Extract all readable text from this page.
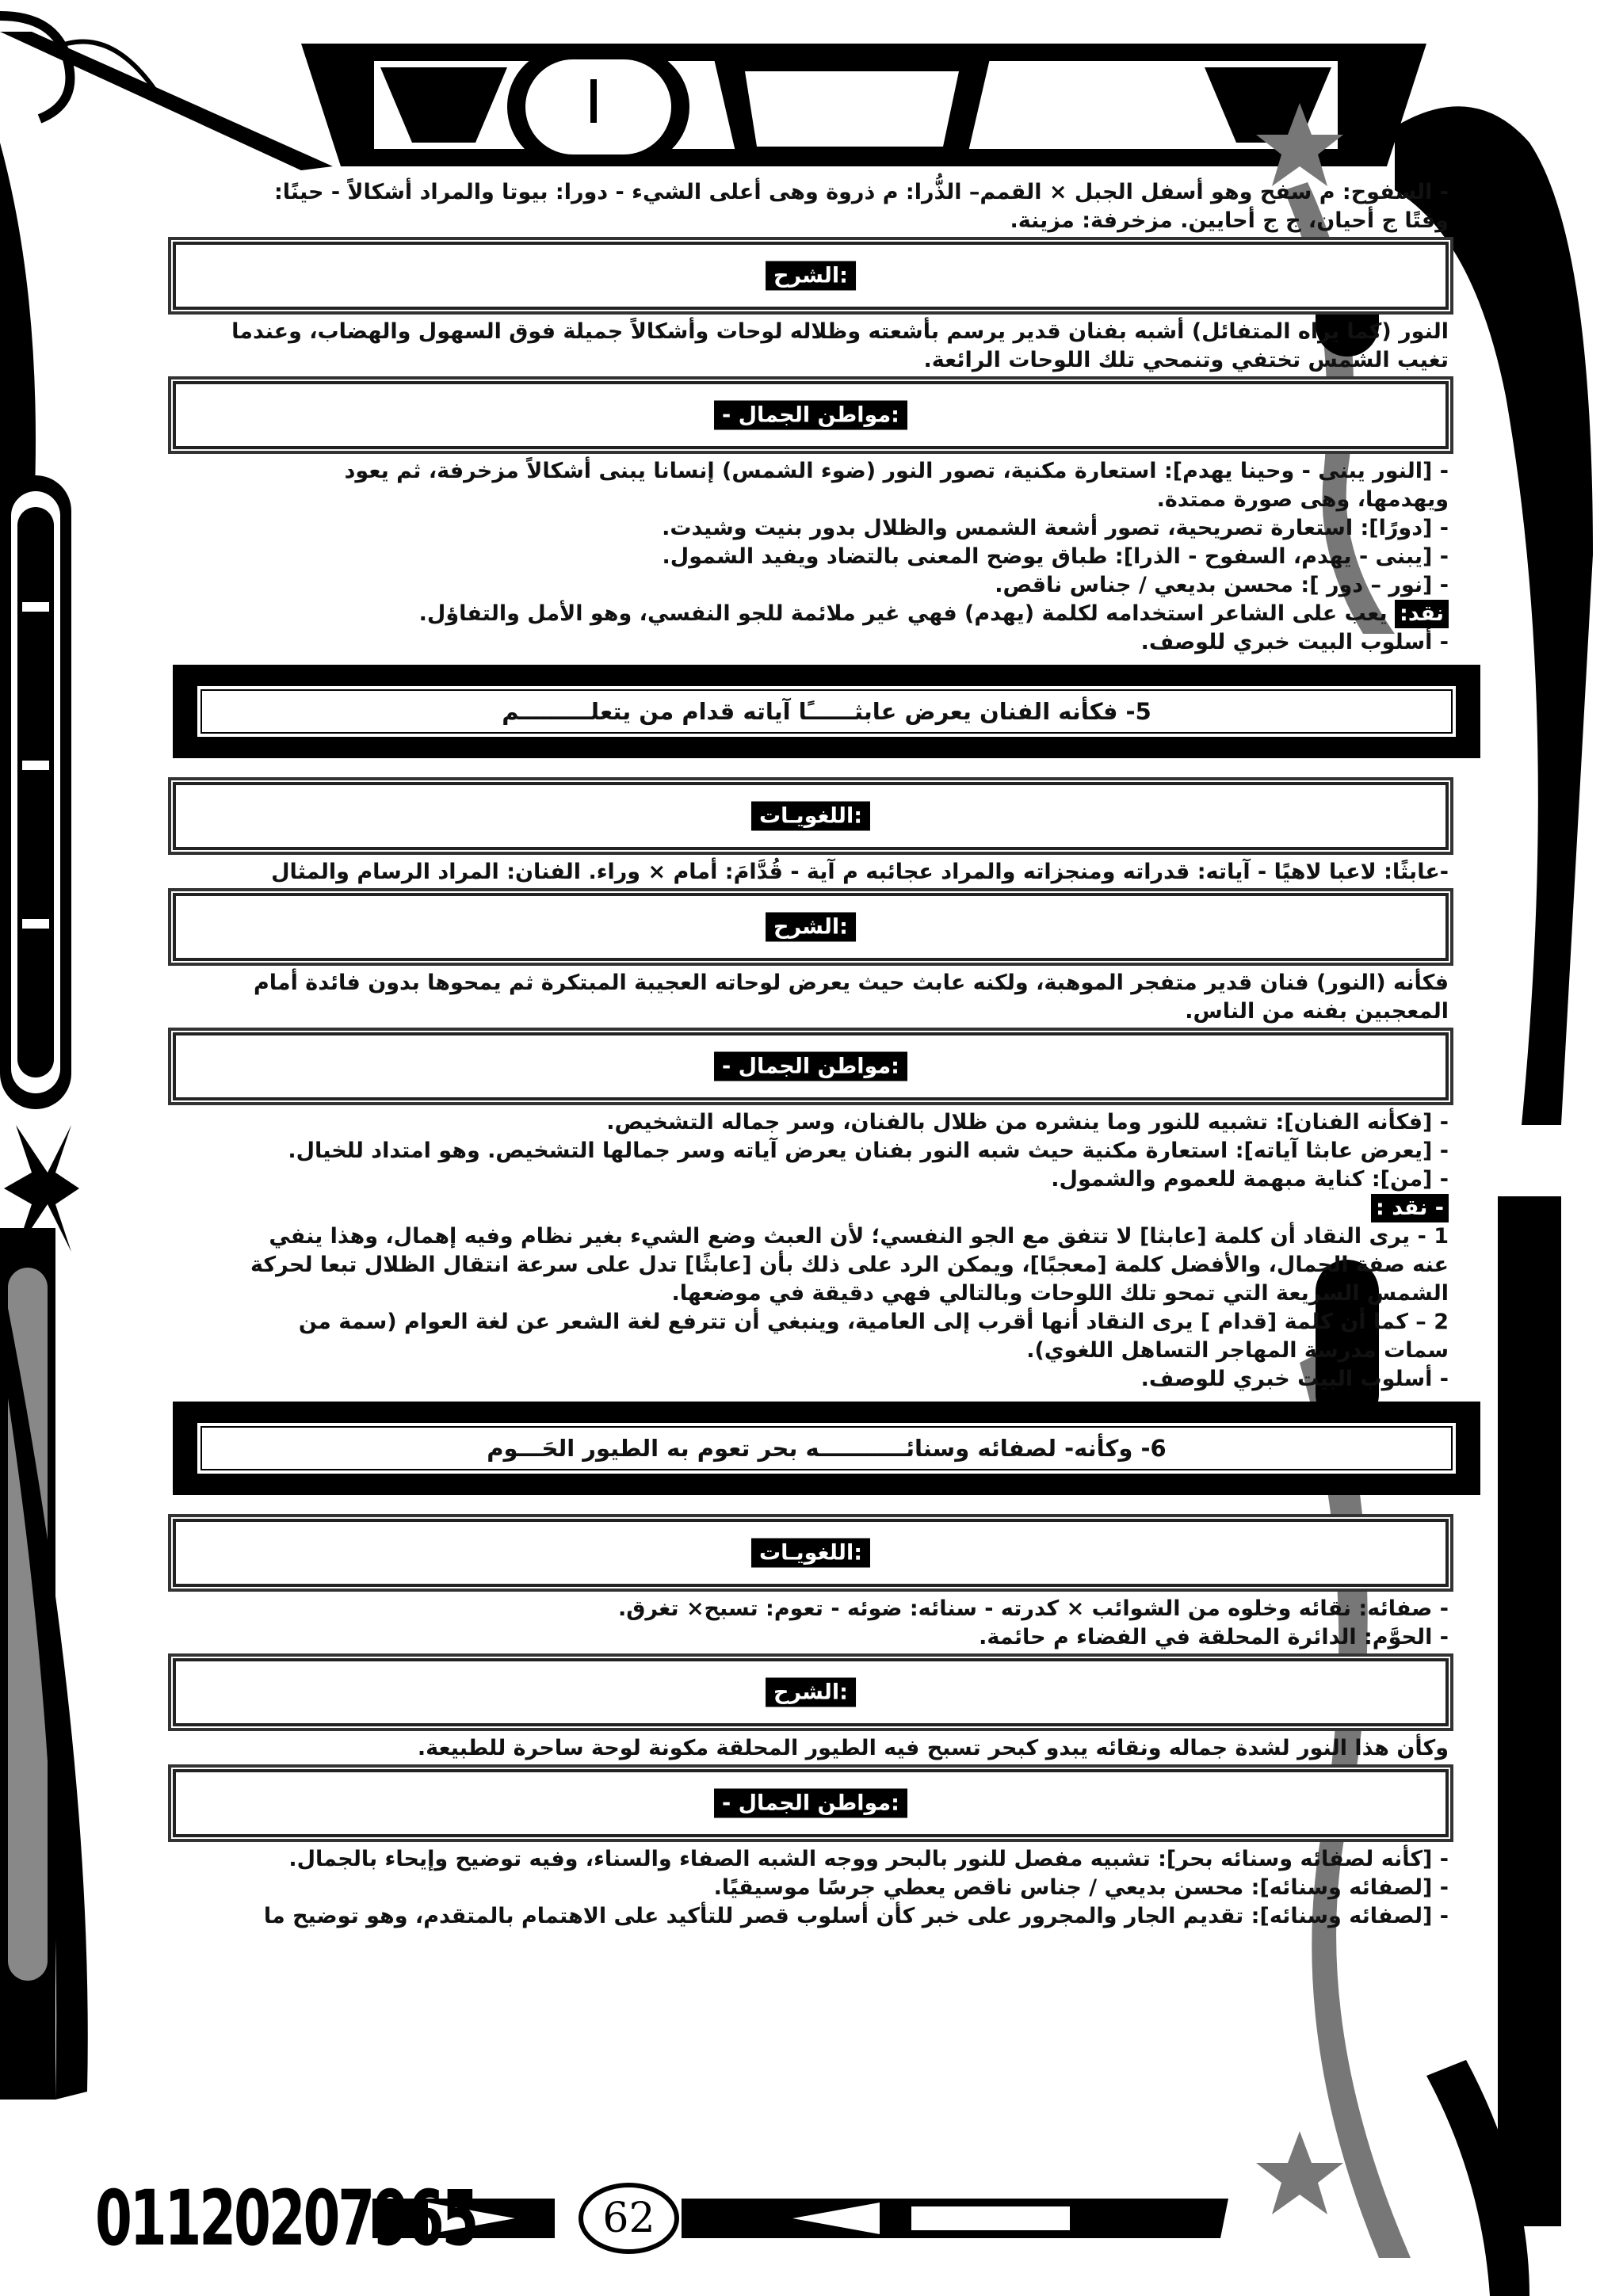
- السفوح: م سفح وهو أسفل الجبل × القمم– الذُّرا: م ذروة وهى أعلى الشيء - دورا: بيوتا والمراد أشكالاً - حينًا:
وقتًا ج أحيان، ج ج أحايين. مزخرفة: مزينة.
:الشرح
النور (كما يراه المتفائل) أشبه بفنان قدير يرسم بأشعته وظلاله لوحات وأشكالاً جميلة فوق السهول والهضاب، وعندما
تغيب الشمس تختفي وتنمحي تلك اللوحات الرائعة.
:مواطن الجمال -
- [النور يبنى - وحينا يهدم]: استعارة مكنية، تصور النور (ضوء الشمس) إنسانا يبنى أشكالاً مزخرفة، ثم يعود
ويهدمها، وهى صورة ممتدة.
- [دورًا]: استعارة تصريحية، تصور أشعة الشمس والظلال بدور بنيت وشيدت.
- [يبنى - يهدم، السفوح - الذرا]: طباق يوضح المعنى بالتضاد ويفيد الشمول.
- [نور – دور ]: محسن بديعي / جناس ناقص.
نقد: يعب على الشاعر استخدامه لكلمة (يهدم) فهي غير ملائمة للجو النفسي، وهو الأمل والتفاؤل.
- أسلوب البيت خبري للوصف.
5- فكأنه الفنان يعرض عابثــــــًا آياته قدام من يتعلـــــــــم
:اللغويـات
-عابثًا: لاعبا لاهيًا - آياته: قدراته ومنجزاته والمراد عجائبه م آية - قُدَّامَ: أمام × وراء. الفنان: المراد الرسام والمثال
:الشرح
فكأنه (النور) فنان قدير متفجر الموهبة، ولكنه عابث حيث يعرض لوحاته العجيبة المبتكرة ثم يمحوها بدون فائدة أمام
المعجبين بفنه من الناس.
:مواطن الجمال -
- [فكأنه الفنان]: تشبيه للنور وما ينشره من ظلال بالفنان، وسر جماله التشخيص.
- [يعرض عابثا آياته]: استعارة مكنية حيث شبه النور بفنان يعرض آياته وسر جمالها التشخيص. وهو امتداد للخيال.
- [من]: كناية مبهمة للعموم والشمول.
- نقد :
1 - يرى النقاد أن كلمة [عابثا] لا تتفق مع الجو النفسي؛ لأن العبث وضع الشيء بغير نظام وفيه إهمال، وهذا ينفي
عنه صفة الجمال، والأفضل كلمة [معجبًا]، ويمكن الرد على ذلك بأن [عابثًا] تدل على سرعة انتقال الظلال تبعا لحركة
الشمس السريعة التي تمحو تلك اللوحات وبالتالي فهي دقيقة في موضعها.
2 – كما أن كلمة [قدام ] يرى النقاد أنها أقرب إلى العامية، وينبغي أن تترفع لغة الشعر عن لغة العوام (سمة من
سمات مدرسة المهاجر التساهل اللغوي).
- أسلوب البيت خبري للوصف.
6- وكأنه- لصفائه وسنائـــــــــــه بحر تعوم به الطيور الحَـــوم
:اللغويـات
- صفائه: نقائه وخلوه من الشوائب × كدرته - سنائه: ضوئه - تعوم: تسبح× تغرق.
- الحوَّم: الدائرة المحلقة في الفضاء م حائمة.
:الشرح
وكأن هذا النور لشدة جماله ونقائه يبدو كبحر تسبح فيه الطيور المحلقة مكونة لوحة ساحرة للطبيعة.
:مواطن الجمال -
- [كأنه لصفائه وسنائه بحر]: تشبيه مفصل للنور بالبحر ووجه الشبه الصفاء والسناء، وفيه توضيح وإيحاء بالجمال.
- [لصفائه وسنائه]: محسن بديعي / جناس ناقص يعطي جرسًا موسيقيًا.
- [لصفائه وسنائه]: تقديم الجار والمجرور على خبر كأن أسلوب قصر للتأكيد على الاهتمام بالمتقدم، وهو توضيح ما
01120207965	62
